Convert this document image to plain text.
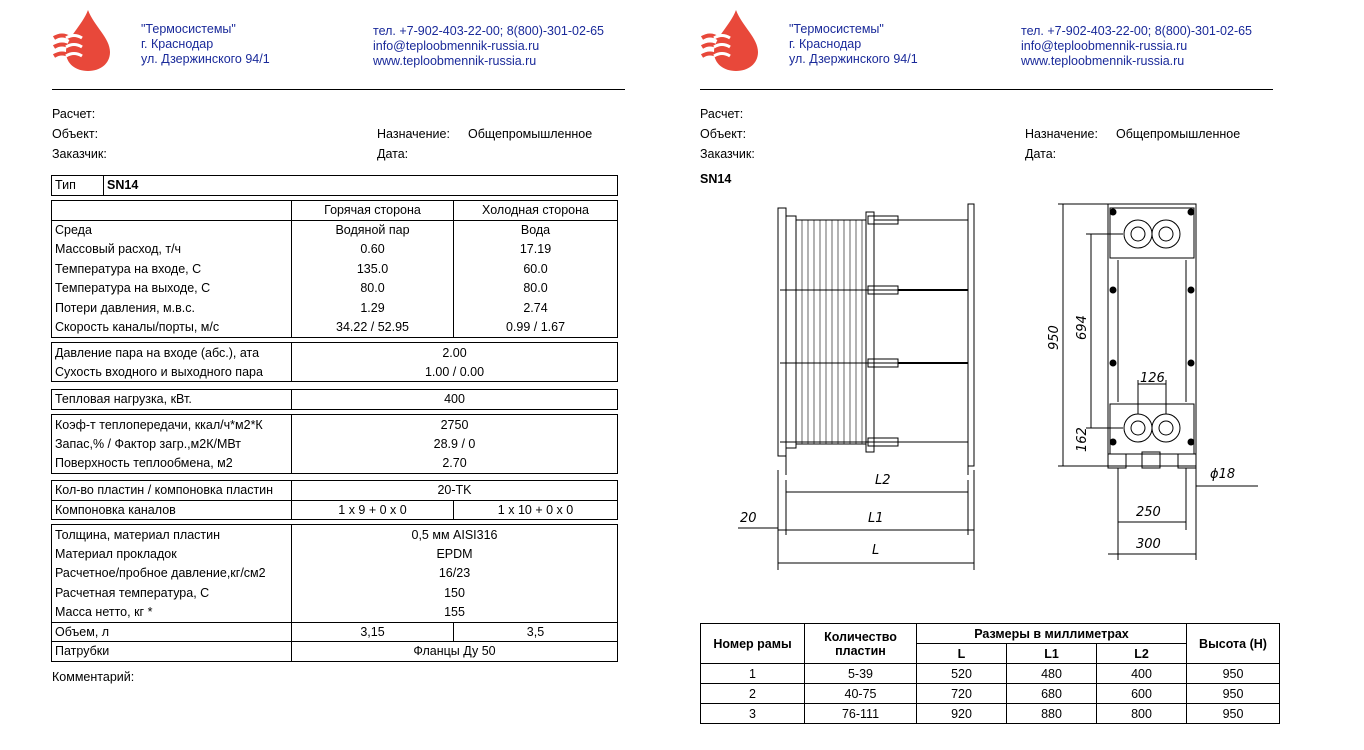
"Термосистемы"
г. Краснодар
ул. Дзержинского 94/1
тел. +7-902-403-22-00; 8(800)-301-02-65
info@teploobmennik-russia.ru
www.teploobmennik-russia.ru
Расчет:
Объект:	Назначение: Общепромышленное
Заказчик:	Дата:
Тип	SN14
	Горячая сторона	Холодная сторона
Среда	Водяной пар	Вода
Массовый расход, т/ч	0.60	17.19
Температура на входе, С	135.0	60.0
Температура на выходе, С	80.0	80.0
Потери давления, м.в.с.	1.29	2.74
Скорость каналы/порты, м/с	34.22 / 52.95	0.99 / 1.67
Давление пара на входе (абс.), ата	2.00
Сухость входного и выходного пара	1.00 / 0.00
Тепловая нагрузка, кВт.	400
Коэф-т теплопередачи, ккал/ч*м2*К	2750
Запас,% / Фактор загр.,м2К/МВт	28.9 / 0
Поверхность теплообмена, м2	2.70
Кол-во пластин / компоновка пластин	20-TK	
Компоновка каналов	1 x 9 + 0 x 0	1 x 10 + 0 x 0
Толщина, материал пластин	0,5 мм AISI316	
Материал прокладок	EPDM	
Расчетное/пробное давление,кг/см2	16/23	
Расчетная температура, С	150	
Масса нетто, кг *	155	
Объем, л	3,15	3,5
Патрубки	Фланцы Ду 50	
Комментарий:
"Термосистемы"
г. Краснодар
ул. Дзержинского 94/1
тел. +7-902-403-22-00; 8(800)-301-02-65
info@teploobmennik-russia.ru
www.teploobmennik-russia.ru
Расчет:
Объект:	Назначение: Общепромышленное
Заказчик:	Дата:
SN14
L2
L1
L
20
950 694
162
126
250
300
ϕ18
Номер рамы	Количество пластин	Размеры в миллиметрах			Высота (Н)
		L	L1	L2	
1	5-39	520	480	400	950
2	40-75	720	680	600	950
3	76-111	920	880	800	950
